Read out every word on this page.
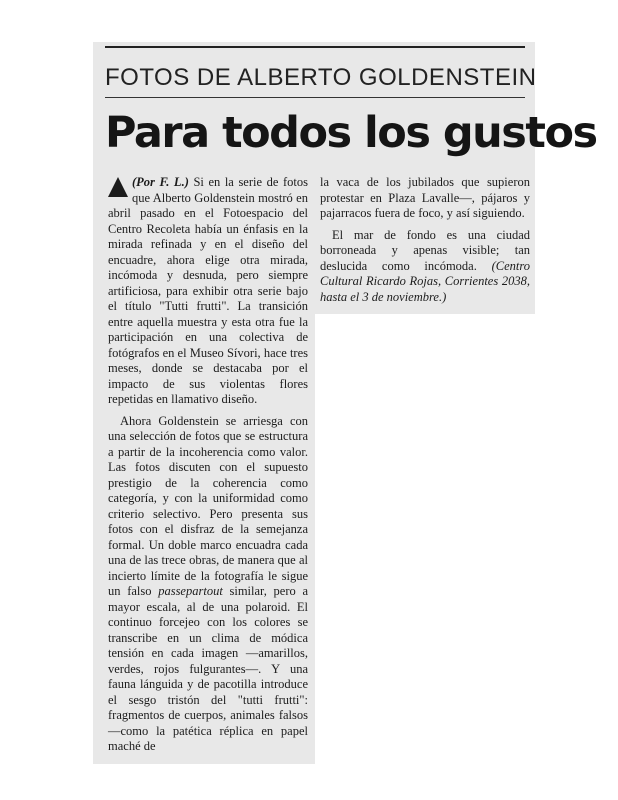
FOTOS DE ALBERTO GOLDENSTEIN
Para todos los gustos

(Por F. L.) Si en la serie de fotos que Alberto Goldenstein mostró en abril pasado en el Fotoespacio del Centro Recoleta había un énfasis en la mirada refinada y en el diseño del encuadre, ahora elige otra mirada, incómoda y desnuda, pero siempre artificiosa, para exhibir otra serie bajo el título "Tutti frutti". La transición entre aquella muestra y esta otra fue la participación en una colectiva de fotógrafos en el Museo Sívori, hace tres meses, donde se destacaba por el impacto de sus violentas flores repetidas en llamativo diseño.

Ahora Goldenstein se arriesga con una selección de fotos que se estructura a partir de la incoherencia como valor. Las fotos discuten con el supuesto prestigio de la coherencia como categoría, y con la uniformidad como criterio selectivo. Pero presenta sus fotos con el disfraz de la semejanza formal. Un doble marco encuadra cada una de las trece obras, de manera que al incierto límite de la fotografía le sigue un falso passepartout similar, pero a mayor escala, al de una polaroid. El continuo forcejeo con los colores se transcribe en un clima de módica tensión en cada imagen —amarillos, verdes, rojos fulgurantes—. Y una fauna lánguida y de pacotilla introduce el sesgo tristón del "tutti frutti": fragmentos de cuerpos, animales falsos —como la patética réplica en papel maché de

la vaca de los jubilados que supieron protestar en Plaza Lavalle—, pájaros y pajarracos fuera de foco, y así siguiendo.

El mar de fondo es una ciudad borroneada y apenas visible; tan deslucida como incómoda. (Centro Cultural Ricardo Rojas, Corrientes 2038, hasta el 3 de noviembre.)
